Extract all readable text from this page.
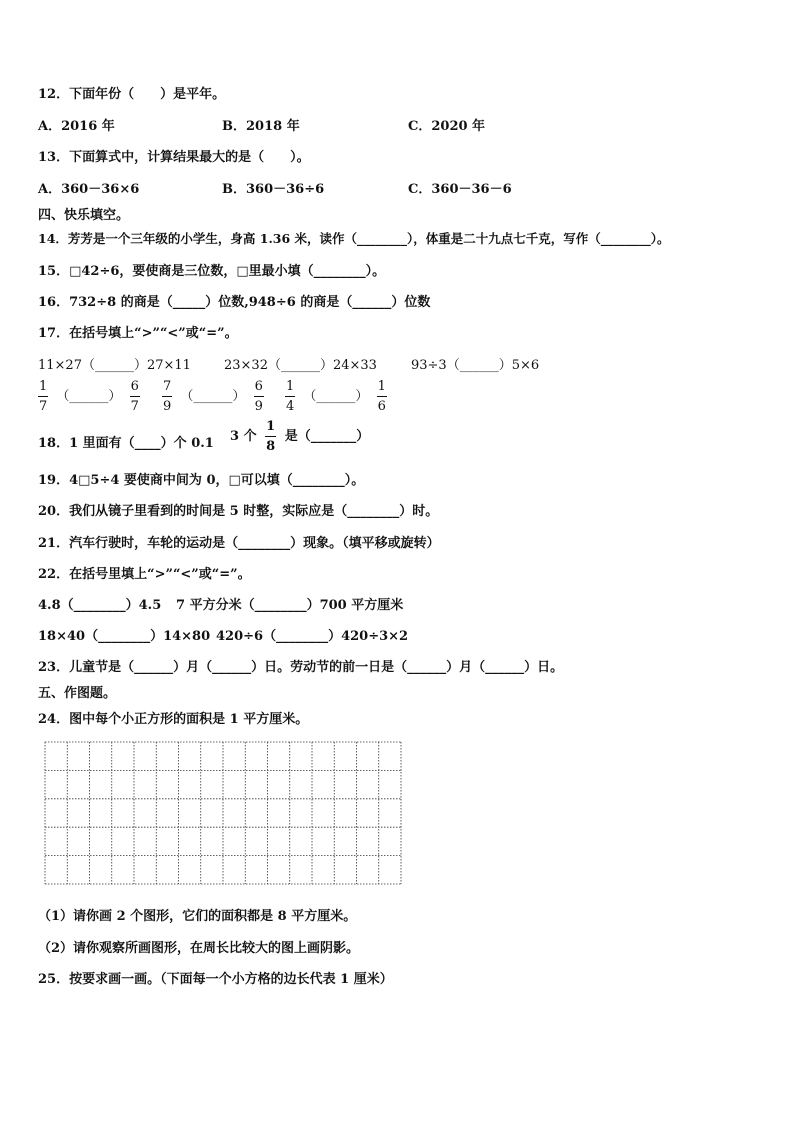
12．下面年份（　　）是平年。
A．2016 年	B．2018 年	C．2020 年
13．下面算式中，计算结果最大的是（　　）。
A．360－36×6	B．360－36÷6	C．360－36－6
四、快乐填空。
14．芳芳是一个三年级的小学生，身高 1.36 米，读作（________），体重是二十九点七千克，写作（________）。
15．□42÷6，要使商是三位数，□里最小填（________）。
16．732÷8 的商是（_____）位数,948÷6 的商是（______）位数
17．在括号填上“>”“<”或“=”。
11×27（______）27×11	23×32（______）24×33	93÷3（______）5×6
$\frac{1}{7}$ （______） $\frac{6}{7} \frac{7}{9}$ （______） $\frac{6}{9} \frac{1}{4}$ （______） $\frac{1}{6}$
18．1 里面有（____）个 0.1 3 个 $\frac{1}{8}$ 是（_______）
19．4□5÷4 要使商中间为 0，□可以填（________）。
20．我们从镜子里看到的时间是 5 时整，实际应是（________）时。
21．汽车行驶时，车轮的运动是（________）现象。（填平移或旋转）
22．在括号里填上“>”“<”或“=”。
4.8（________）4.5 7 平方分米（________）700 平方厘米
18×40（________）14×80 420÷6（________）420÷3×2
23．儿童节是（______）月（______）日。劳动节的前一日是（______）月（______）日。
五、作图题。
24．图中每个小正方形的面积是 1 平方厘米。
（1）请你画 2 个图形，它们的面积都是 8 平方厘米。
（2）请你观察所画图形，在周长比较大的图上画阴影。
25．按要求画一画。（下面每一个小方格的边长代表 1 厘米）
